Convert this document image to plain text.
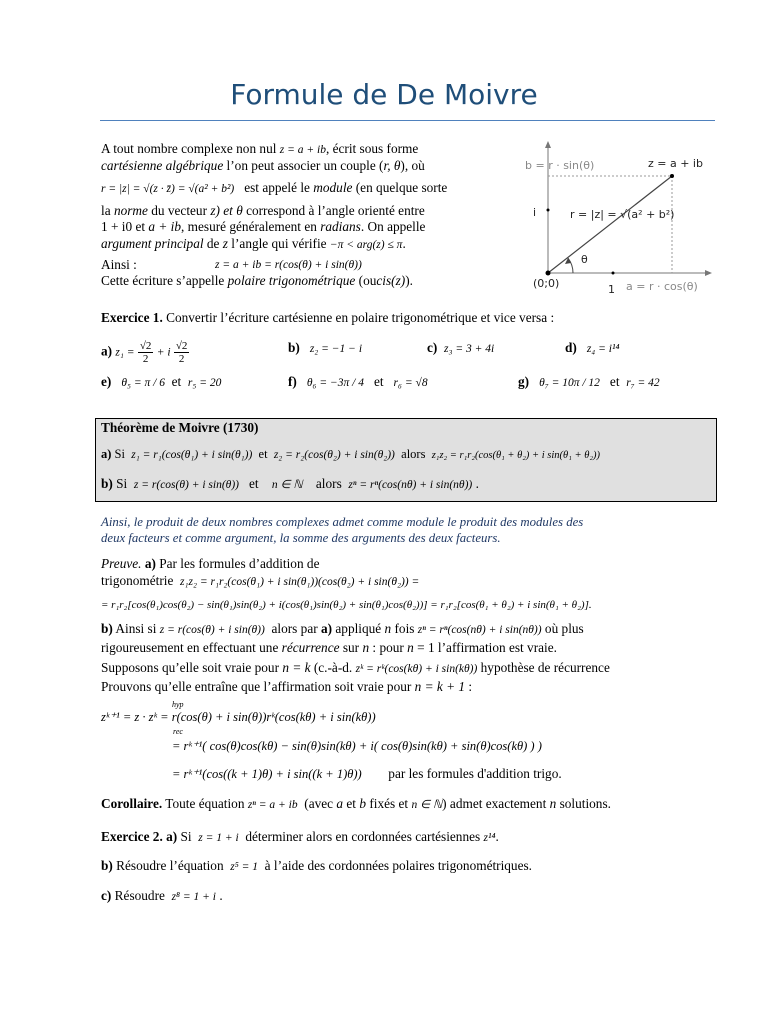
Formule de De Moivre
A tout nombre complexe non nul z = a + ib, écrit sous forme
cartésienne algébrique l’on peut associer un couple (r, θ), où
r = |z| = √(z · z̄) = √(a² + b²) est appelé le module (en quelque sorte
la norme du vecteur z) et θ correspond à l’angle orienté entre
1 + i0 et a + ib, mesuré généralement en radians. On appelle
argument principal de z l’angle qui vérifie −π < arg(z) ≤ π.
Ainsi :	z = a + ib = r(cos(θ) + i sin(θ))
Cette écriture s’appelle polaire trigonométrique (oucis(z)).
b = r · sin(θ)	z = a + ib
i	r = |z| = √(a² + b²)
θ
(0;0)	1 a = r · cos(θ)
Exercice 1. Convertir l’écriture cartésienne en polaire trigonométrique et vice versa :
a) $z_1 = \frac{√2}{2} + i \frac{√2}{2}$	b) z₂ = −1 − i	c) z₃ = 3 + 4i	d) z₄ = i¹⁴
e) θ₅ = π / 6 et r₅ = 20	f) θ₆ = −3π / 4 et r₆ = √8	g) θ₇ = 10π / 12 et r₇ = 42
Théorème de Moivre (1730)
a) Si z₁ = r₁(cos(θ₁) + i sin(θ₁)) et z₂ = r₂(cos(θ₂) + i sin(θ₂)) alors z₁z₂ = r₁r₂(cos(θ₁ + θ₂) + i sin(θ₁ + θ₂))
b) Si z = r(cos(θ) + i sin(θ)) et n ∈ ℕ alors zⁿ = rⁿ(cos(nθ) + i sin(nθ)) .
Ainsi, le produit de deux nombres complexes admet comme module le produit des modules des
deux facteurs et comme argument, la somme des arguments des deux facteurs.
Preuve. a) Par les formules d’addition de
trigonométrie z₁z₂ = r₁r₂(cos(θ₁) + i sin(θ₁))(cos(θ₂) + i sin(θ₂)) =
= r₁r₂[cos(θ₁)cos(θ₂) − sin(θ₁)sin(θ₂) + i(cos(θ₁)sin(θ₂) + sin(θ₁)cos(θ₂))] = r₁r₂[cos(θ₁ + θ₂) + i sin(θ₁ + θ₂)].
b) Ainsi si z = r(cos(θ) + i sin(θ)) alors par a) appliqué n fois zⁿ = rⁿ(cos(nθ) + i sin(nθ)) où plus
rigoureusement en effectuant une récurrence sur n : pour n = 1 l’affirmation est vraie.
Supposons qu’elle soit vraie pour n = k (c.-à-d. zᵏ = rᵏ(cos(kθ) + i sin(kθ)) hypothèse de récurrence
Prouvons qu’elle entraîne que l’affirmation soit vraie pour n = k + 1 :
hyp
rec
zᵏ⁺¹ = z · zᵏ = r(cos(θ) + i sin(θ))rᵏ(cos(kθ) + i sin(kθ))
= rᵏ⁺¹( cos(θ)cos(kθ) − sin(θ)sin(kθ) + i( cos(θ)sin(kθ) + sin(θ)cos(kθ) ) )
= rᵏ⁺¹(cos((k + 1)θ) + i sin((k + 1)θ)) par les formules d'addition trigo.
Corollaire. Toute équation zⁿ = a + ib (avec a et b fixés et n ∈ ℕ) admet exactement n solutions.
Exercice 2. a) Si z = 1 + i déterminer alors en cordonnées cartésiennes z¹⁴.
b) Résoudre l’équation z⁵ = 1 à l’aide des cordonnées polaires trigonométriques.
c) Résoudre z⁸ = 1 + i .
